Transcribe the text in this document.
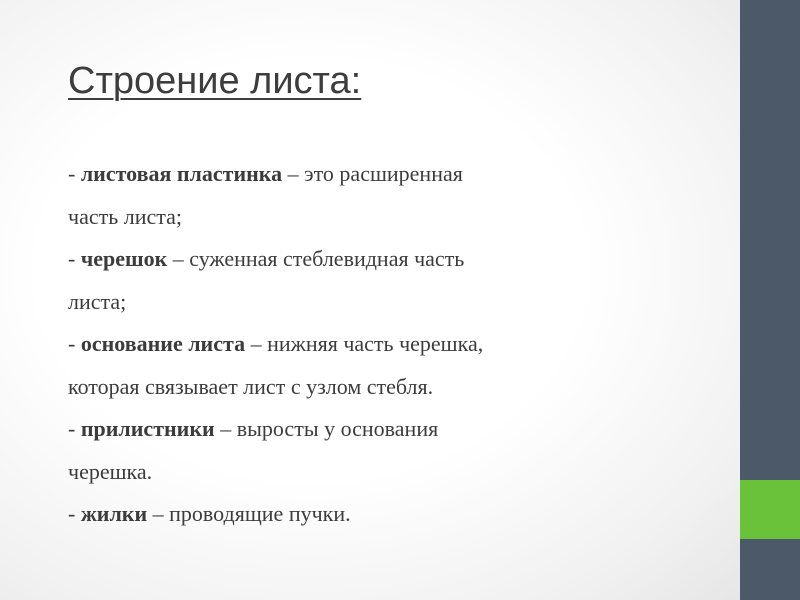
Строение листа:
- листовая пластинка – это расширенная
часть листа;
- черешок – суженная стеблевидная часть
листа;
- основание листа – нижняя часть черешка,
которая связывает лист с узлом стебля.
- прилистники – выросты у основания
черешка.
- жилки – проводящие пучки.
